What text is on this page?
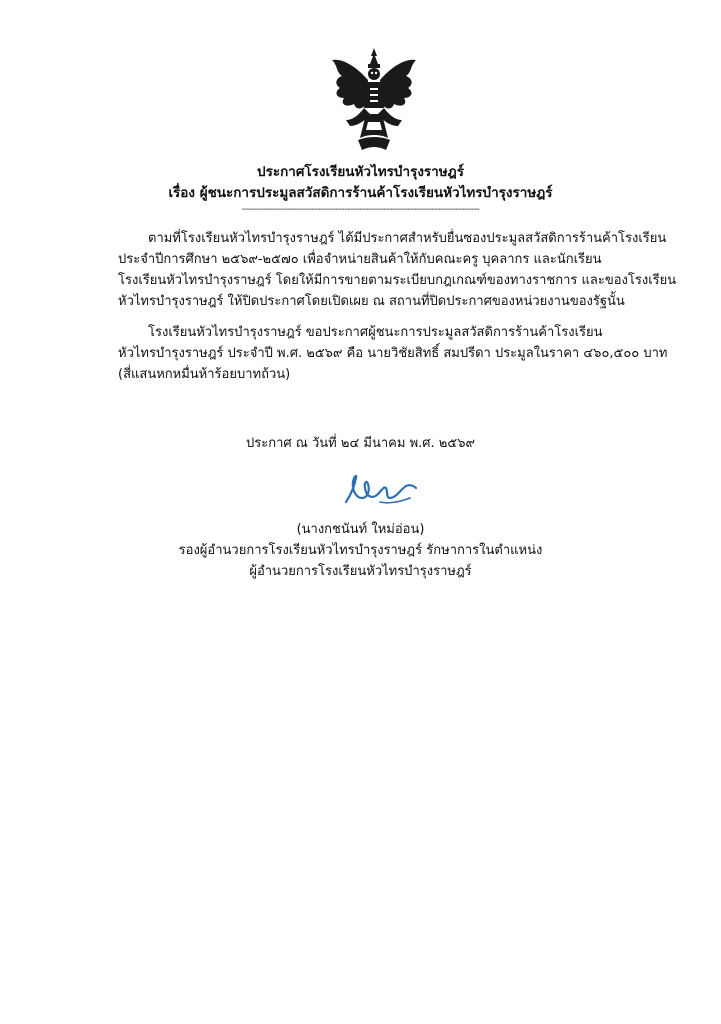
ประกาศโรงเรียนหัวไทรบำรุงราษฎร์
เรื่อง ผู้ชนะการประมูลสวัสดิการร้านค้าโรงเรียนหัวไทรบำรุงราษฎร์
-------------------------------------------------------------------------------
ตามที่โรงเรียนหัวไทรบำรุงราษฎร์ ได้มีประกาศสำหรับยื่นซองประมูลสวัสดิการร้านค้าโรงเรียน
ประจำปีการศึกษา ๒๕๖๙-๒๕๗๐ เพื่อจำหน่ายสินค้าให้กับคณะครู บุคลากร และนักเรียน
โรงเรียนหัวไทรบำรุงราษฎร์ โดยให้มีการขายตามระเบียบกฎเกณฑ์ของทางราชการ และของโรงเรียน
หัวไทรบำรุงราษฎร์ ให้ปิดประกาศโดยเปิดเผย ณ สถานที่ปิดประกาศของหน่วยงานของรัฐนั้น
โรงเรียนหัวไทรบำรุงราษฎร์ ขอประกาศผู้ชนะการประมูลสวัสดิการร้านค้าโรงเรียน
หัวไทรบำรุงราษฎร์ ประจำปี พ.ศ. ๒๕๖๙ คือ นายวิชัยสิทธิ์ สมปรีดา ประมูลในราคา ๔๖๐,๕๐๐ บาท
(สี่แสนหกหมื่นห้าร้อยบาทถ้วน)
ประกาศ ณ วันที่ ๒๔ มีนาคม พ.ศ. ๒๕๖๙
(นางกชนันท์ ใหม่อ่อน)
รองผู้อำนวยการโรงเรียนหัวไทรบำรุงราษฎร์ รักษาการในตำแหน่ง
ผู้อำนวยการโรงเรียนหัวไทรบำรุงราษฎร์
